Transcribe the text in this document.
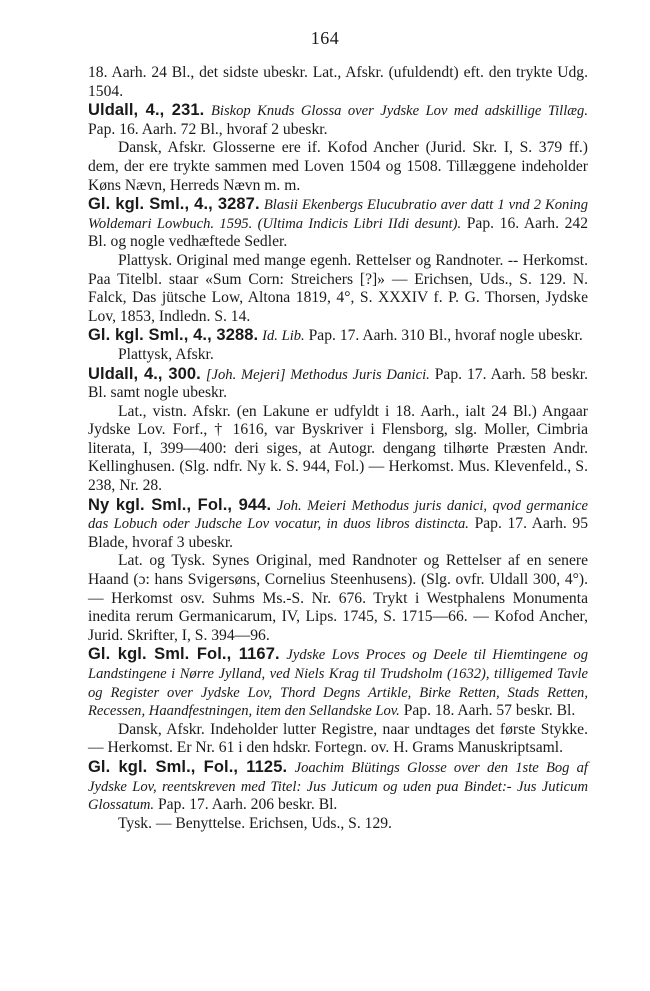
164

18. Aarh. 24 Bl., det sidste ubeskr. Lat., Afskr. (ufuldendt) eft. den trykte Udg. 1504.

Uldall, 4., 231. Biskop Knuds Glossa over Jydske Lov med adskillige Tillæg. Pap. 16. Aarh. 72 Bl., hvoraf 2 ubeskr.

Dansk, Afskr. Glosserne ere if. Kofod Ancher (Jurid. Skr. I, S. 379 ff.) dem, der ere trykte sammen med Loven 1504 og 1508. Tillæggene indeholder Køns Nævn, Herreds Nævn m. m.

Gl. kgl. Sml., 4., 3287. Blasii Ekenbergs Elucubratio aver datt 1 vnd 2 Koning Woldemari Lowbuch. 1595. (Ultima Indicis Libri IIdi desunt). Pap. 16. Aarh. 242 Bl. og nogle vedhæftede Sedler.

Plattysk. Original med mange egenh. Rettelser og Randnoter. -- Herkomst. Paa Titelbl. staar «Sum Corn: Streichers [?]» — Erichsen, Uds., S. 129. N. Falck, Das jütsche Low, Altona 1819, 4°, S. XXXIV f. P. G. Thorsen, Jydske Lov, 1853, Indledn. S. 14.

Gl. kgl. Sml., 4., 3288. Id. Lib. Pap. 17. Aarh. 310 Bl., hvoraf nogle ubeskr.

Plattysk, Afskr.

Uldall, 4., 300. [Joh. Mejeri] Methodus Juris Danici. Pap. 17. Aarh. 58 beskr. Bl. samt nogle ubeskr.

Lat., vistn. Afskr. (en Lakune er udfyldt i 18. Aarh., ialt 24 Bl.) Angaar Jydske Lov. Forf., † 1616, var Byskriver i Flensborg, slg. Moller, Cimbria literata, I, 399—400: deri siges, at Autogr. dengang tilhørte Præsten Andr. Kellinghusen. (Slg. ndfr. Ny k. S. 944, Fol.) — Herkomst. Mus. Klevenfeld., S. 238, Nr. 28.

Ny kgl. Sml., Fol., 944. Joh. Meieri Methodus juris danici, qvod germanice das Lobuch oder Judsche Lov vocatur, in duos libros distincta. Pap. 17. Aarh. 95 Blade, hvoraf 3 ubeskr.

Lat. og Tysk. Synes Original, med Randnoter og Rettelser af en senere Haand (ɔ: hans Svigersøns, Cornelius Steenhusens). (Slg. ovfr. Uldall 300, 4°). — Herkomst osv. Suhms Ms.-S. Nr. 676. Trykt i Westphalens Monumenta inedita rerum Germanicarum, IV, Lips. 1745, S. 1715—66. — Kofod Ancher, Jurid. Skrifter, I, S. 394—96.

Gl. kgl. Sml. Fol., 1167. Jydske Lovs Proces og Deele til Hiemtingene og Landstingene i Nørre Jylland, ved Niels Krag til Trudsholm (1632), tilligemed Tavle og Register over Jydske Lov, Thord Degns Artikle, Birke Retten, Stads Retten, Recessen, Haandfestningen, item den Sellandske Lov. Pap. 18. Aarh. 57 beskr. Bl.

Dansk, Afskr. Indeholder lutter Registre, naar undtages det første Stykke. — Herkomst. Er Nr. 61 i den hdskr. Fortegn. ov. H. Grams Manuskriptsaml.

Gl. kgl. Sml., Fol., 1125. Joachim Blütings Glosse over den 1ste Bog af Jydske Lov, reentskreven med Titel: Jus Juticum og uden pua Bindet:- Jus Juticum Glossatum. Pap. 17. Aarh. 206 beskr. Bl.

Tysk. — Benyttelse. Erichsen, Uds., S. 129.
